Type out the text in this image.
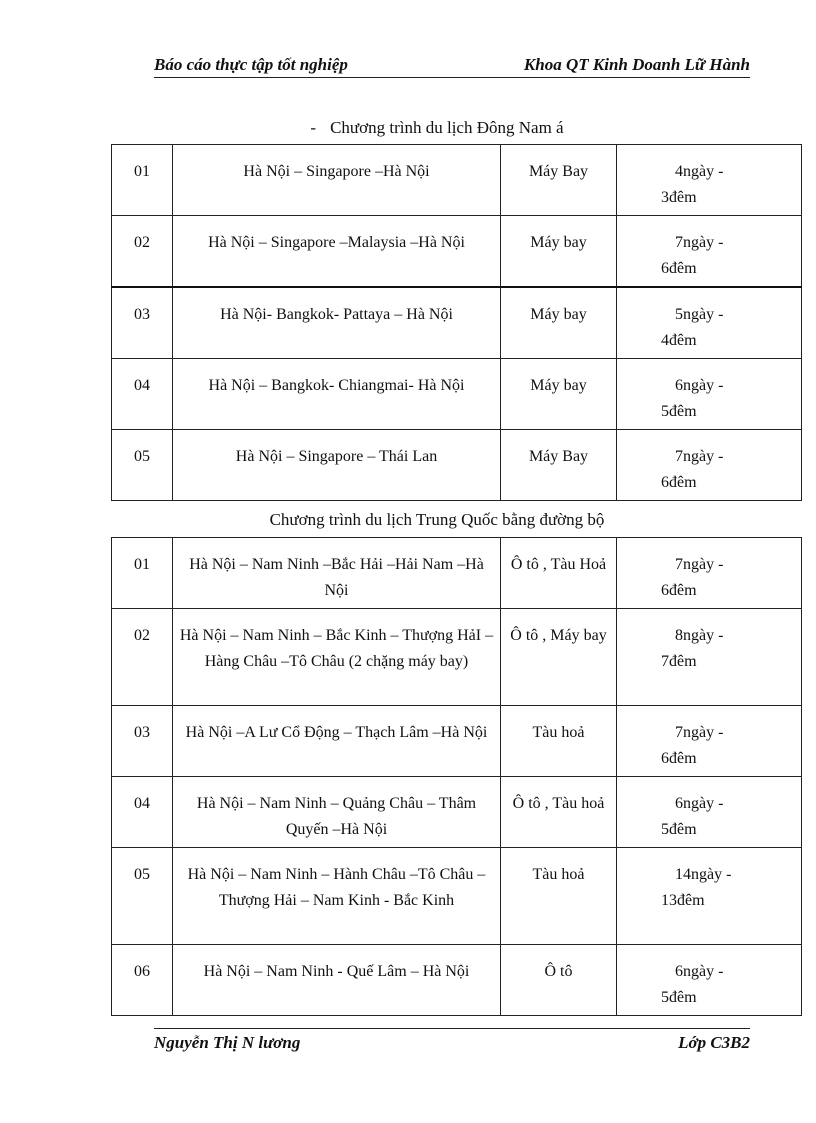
Báo cáo thực tập tốt nghiệp	Khoa QT Kinh Doanh Lữ Hành
- Chương trình du lịch Đông Nam á
01	Hà Nội – Singapore –Hà Nội	Máy Bay	4ngày -
3đêm
02	Hà Nội – Singapore –Malaysia –Hà Nội	Máy bay	7ngày -
6đêm
03	Hà Nội- Bangkok- Pattaya – Hà Nội	Máy bay	5ngày -
4đêm
04	Hà Nội – Bangkok- Chiangmai- Hà Nội	Máy bay	6ngày -
5đêm
05	Hà Nội – Singapore – Thái Lan	Máy Bay	7ngày -
6đêm
Chương trình du lịch Trung Quốc bằng đường bộ
01	Hà Nội – Nam Ninh –Bắc Hải –Hải Nam –Hà Nội	Ô tô , Tàu Hoả	7ngày -
6đêm
02	Hà Nội – Nam Ninh – Bắc Kinh – Thượng HảI –Hàng Châu –Tô Châu (2 chặng máy bay)	Ô tô , Máy bay	8ngày -
7đêm
03	Hà Nội –A Lư Cổ Động – Thạch Lâm –Hà Nội	Tàu hoả	7ngày -
6đêm
04	Hà Nội – Nam Ninh – Quảng Châu – Thâm Quyến –Hà Nội	Ô tô , Tàu hoả	6ngày -
5đêm
05	Hà Nội – Nam Ninh – Hành Châu –Tô Châu – Thượng Hải – Nam Kinh - Bắc Kinh	Tàu hoả	14ngày -
13đêm
06	Hà Nội – Nam Ninh - Quế Lâm – Hà Nội	Ô tô	6ngày -
5đêm
Nguyễn Thị N lương	Lớp C3B2
